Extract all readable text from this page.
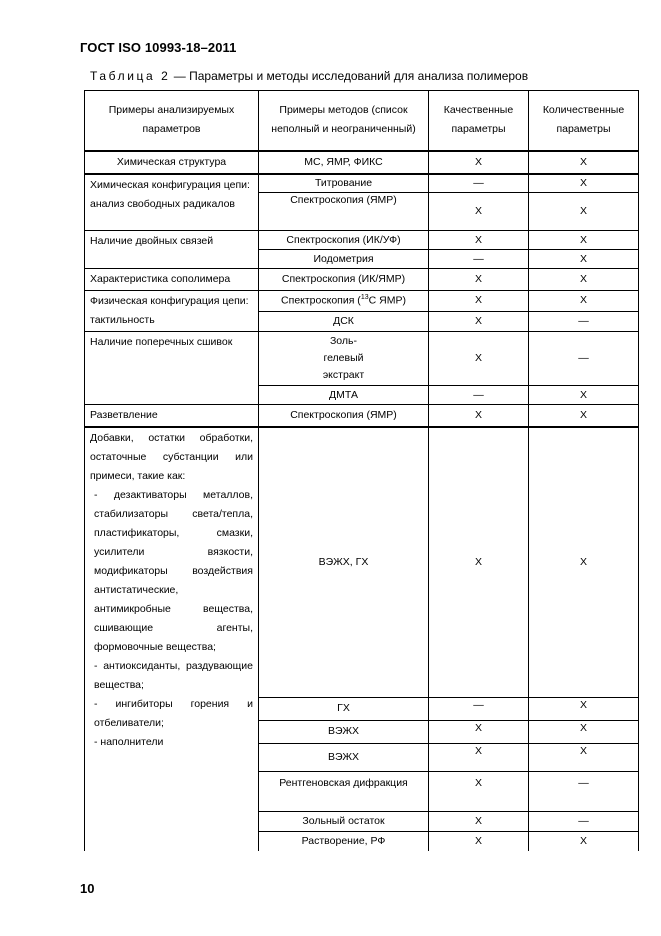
ГОСТ ISO 10993-18–2011
Таблица 2 — Параметры и методы исследований для анализа полимеров
Примеры анализируемых параметров	Примеры методов (список неполный и неограниченный)	Качественные параметры	Количественные параметры
Химическая структура	МС, ЯМР, ФИКС	X	X
Химическая конфигурация цепи: анализ свободных радикалов	Титрование	—	X
	Спектроскопия (ЯМР)	X	X
Наличие двойных связей	Спектроскопия (ИК/УФ)	X	X
	Иодометрия	—	X
Характеристика сополимера	Спектроскопия (ИК/ЯМР)	X	X
Физическая конфигурация цепи: тактильность	Спектроскопия ($^{13}$С ЯМР)	X	X
	ДСК	X	—
Наличие поперечных сшивок	Золь-гелевый экстракт	X	—
	ДМТА	—	X
Разветвление	Спектроскопия (ЯМР)	X	X

Добавки, остатки обработки, остаточные субстанции или примеси, такие как:
- дезактиваторы металлов, стабилизаторы света/тепла, пластификаторы, смазки, усилители вязкости, модификаторы воздействия антистатические, антимикробные вещества, сшивающие агенты, формовочные вещества;
- антиоксиданты, раздувающие вещества;
- ингибиторы горения и отбеливатели;
- наполнители	ВЭЖХ, ГХ	X	X
	ГХ	—	X
	ВЭЖХ	X	X
	ВЭЖХ	X	X
	Рентгеновская дифракция	X	—
	Зольный остаток	X	—
	Растворение, РФ	X	X
10
